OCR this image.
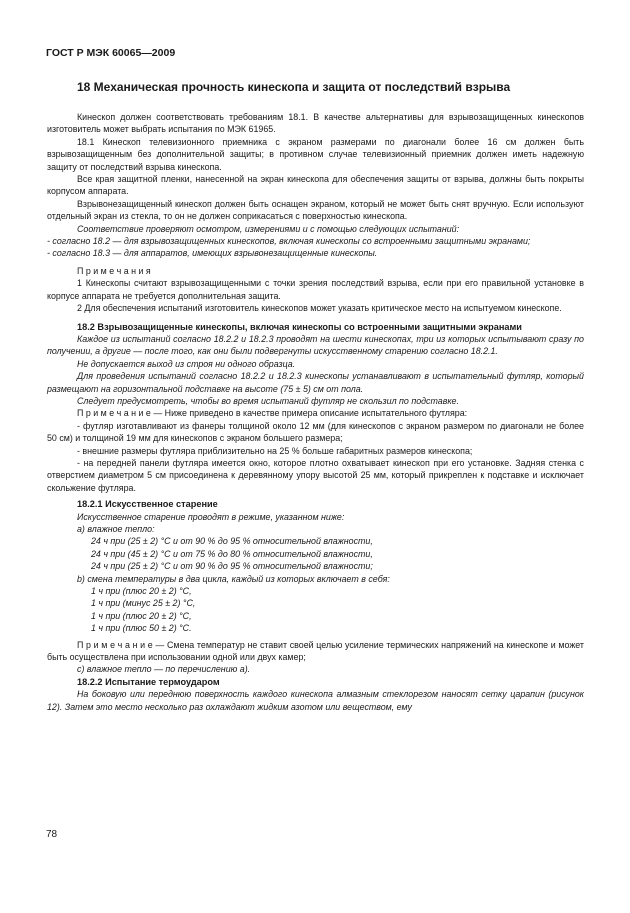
ГОСТ Р МЭК 60065—2009
18 Механическая прочность кинескопа и защита от последствий взрыва

Кинескоп должен соответствовать требованиям 18.1. В качестве альтернативы для взрывозащищенных кинескопов изготовитель может выбрать испытания по МЭК 61965.

18.1 Кинескоп телевизионного приемника с экраном размерами по диагонали более 16 см должен быть взрывозащищенным без дополнительной защиты; в противном случае телевизионный приемник должен иметь надежную защиту от последствий взрыва кинескопа.

Все края защитной пленки, нанесенной на экран кинескопа для обеспечения защиты от взрыва, должны быть покрыты корпусом аппарата.

Взрывонезащищенный кинескоп должен быть оснащен экраном, который не может быть снят вручную. Если используют отдельный экран из стекла, то он не должен соприкасаться с поверхностью кинескопа.

Соответствие проверяют осмотром, измерениями и с помощью следующих испытаний:

- согласно 18.2 — для взрывозащищенных кинескопов, включая кинескопы со встроенными защитными экранами;

- согласно 18.3 — для аппаратов, имеющих взрывонезащищенные кинескопы.

П р и м е ч а н и я

1 Кинескопы считают взрывозащищенными с точки зрения последствий взрыва, если при его правильной установке в корпусе аппарата не требуется дополнительная защита.

2 Для обеспечения испытаний изготовитель кинескопов может указать критическое место на испытуемом кинескопе.

18.2 Взрывозащищенные кинескопы, включая кинескопы со встроенными защитными экранами

Каждое из испытаний согласно 18.2.2 и 18.2.3 проводят на шести кинескопах, три из которых испытывают сразу по получении, а другие — после того, как они были подвергнуты искусственному старению согласно 18.2.1.

Не допускается выход из строя ни одного образца.

Для проведения испытаний согласно 18.2.2 и 18.2.3 кинескопы устанавливают в испытательный футляр, который размещают на горизонтальной подставке на высоте (75 ± 5) см от пола.

Следует предусмотреть, чтобы во время испытаний футляр не скользил по подставке.

П р и м е ч а н и е — Ниже приведено в качестве примера описание испытательного футляра:

- футляр изготавливают из фанеры толщиной около 12 мм (для кинескопов с экраном размером по диагонали не более 50 см) и толщиной 19 мм для кинескопов с экраном большего размера;

- внешние размеры футляра приблизительно на 25 % больше габаритных размеров кинескопа;

- на передней панели футляра имеется окно, которое плотно охватывает кинескоп при его установке. Задняя стенка с отверстием диаметром 5 см присоединена к деревянному упору высотой 25 мм, который прикреплен к подставке и исключает скольжение футляра.

18.2.1 Искусственное старение

Искусственное старение проводят в режиме, указанном ниже:

а) влажное тепло:

24 ч при (25 ± 2) °С и от 90 % до 95 % относительной влажности,

24 ч при (45 ± 2) °С и от 75 % до 80 % относительной влажности,

24 ч при (25 ± 2) °С и от 90 % до 95 % относительной влажности;

b) смена температуры в два цикла, каждый из которых включает в себя:

1 ч при (плюс 20 ± 2) °С,

1 ч при (минус 25 ± 2) °С,

1 ч при (плюс 20 ± 2) °С,

1 ч при (плюс 50 ± 2) °С.

П р и м е ч а н и е — Смена температур не ставит своей целью усиление термических напряжений на кинескопе и может быть осуществлена при использовании одной или двух камер;

с) влажное тепло — по перечислению а).

18.2.2 Испытание термоударом

На боковую или переднюю поверхность каждого кинескопа алмазным стеклорезом наносят сетку царапин (рисунок 12). Затем это место несколько раз охлаждают жидким азотом или веществом, ему

78
